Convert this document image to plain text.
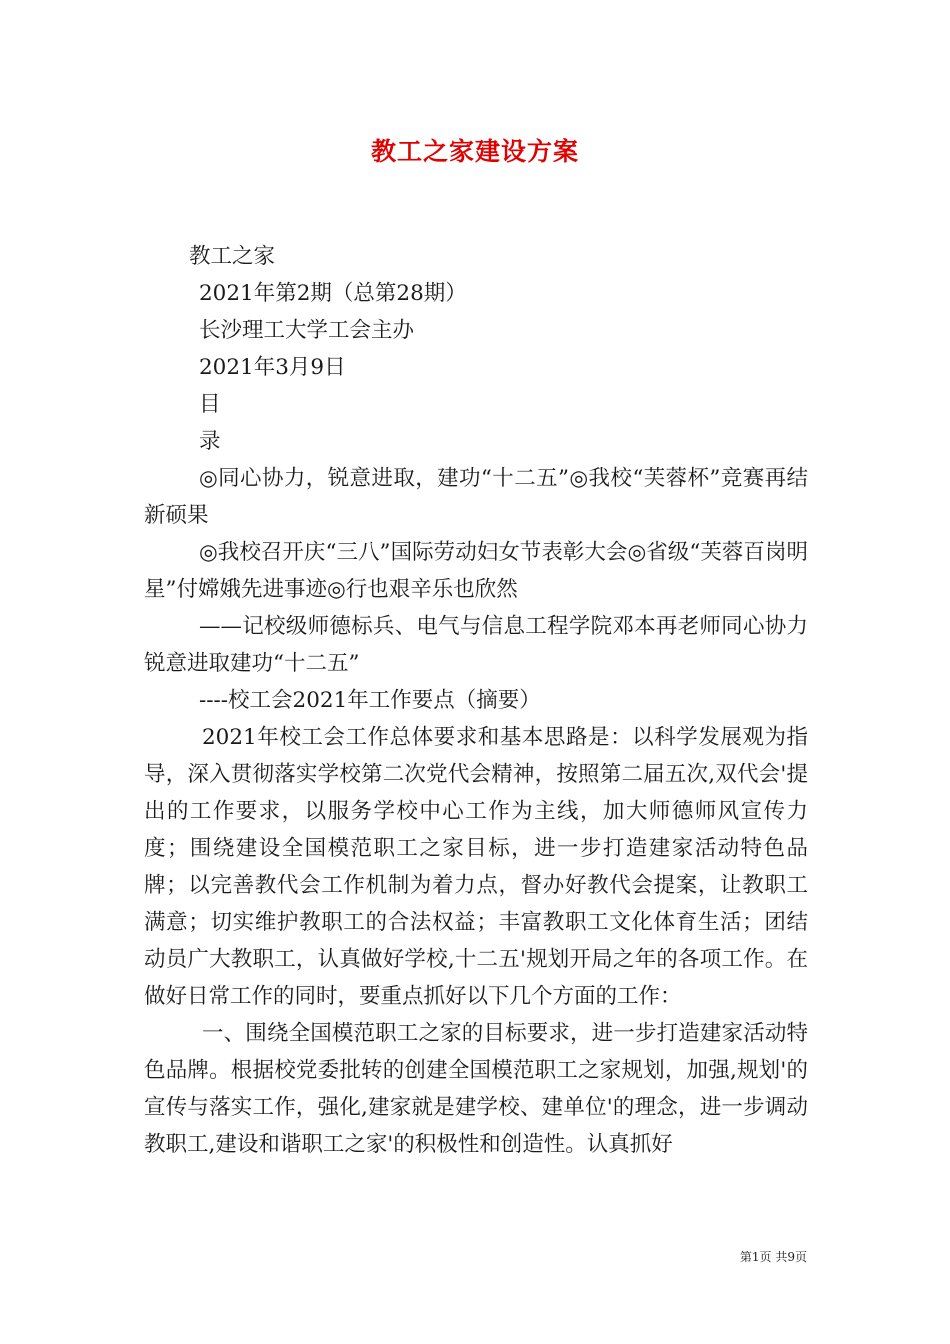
教工之家建设方案
教工之家
2021年第2期（总第28期）
长沙理工大学工会主办
2021年3月9日
目
录

◎同心协力，锐意进取，建功“十二五”◎我校“芙蓉杯”竞赛再结新硕果

◎我校召开庆“三八”国际劳动妇女节表彰大会◎省级“芙蓉百岗明星”付嫦娥先进事迹◎行也艰辛乐也欣然

——记校级师德标兵、电气与信息工程学院邓本再老师同心协力锐意进取建功“十二五”

----校工会2021年工作要点（摘要）

2021年校工会工作总体要求和基本思路是：以科学发展观为指导，深入贯彻落实学校第二次党代会精神，按照第二届五次,双代会'提出的工作要求，以服务学校中心工作为主线，加大师德师风宣传力度；围绕建设全国模范职工之家目标，进一步打造建家活动特色品牌；以完善教代会工作机制为着力点，督办好教代会提案，让教职工满意；切实维护教职工的合法权益；丰富教职工文化体育生活；团结动员广大教职工，认真做好学校,十二五'规划开局之年的各项工作。在做好日常工作的同时，要重点抓好以下几个方面的工作：

一、围绕全国模范职工之家的目标要求，进一步打造建家活动特色品牌。根据校党委批转的创建全国模范职工之家规划，加强,规划'的宣传与落实工作，强化,建家就是建学校、建单位'的理念，进一步调动教职工,建设和谐职工之家'的积极性和创造性。认真抓好

第1页 共9页
